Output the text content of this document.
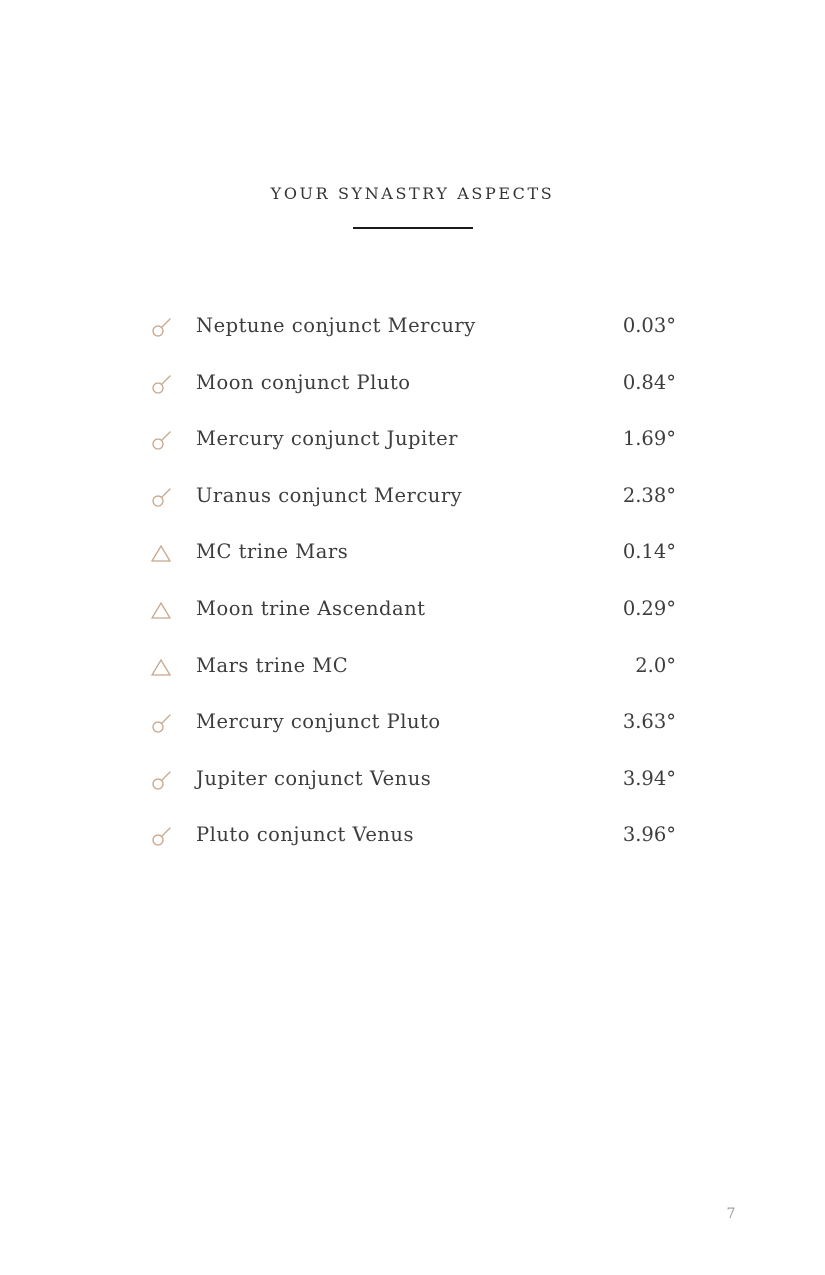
YOUR SYNASTRY ASPECTS
Neptune conjunct Mercury	0.03°
Moon conjunct Pluto	0.84°
Mercury conjunct Jupiter	1.69°
Uranus conjunct Mercury	2.38°
MC trine Mars	0.14°
Moon trine Ascendant	0.29°
Mars trine MC	2.0°
Mercury conjunct Pluto	3.63°
Jupiter conjunct Venus	3.94°
Pluto conjunct Venus	3.96°
7
